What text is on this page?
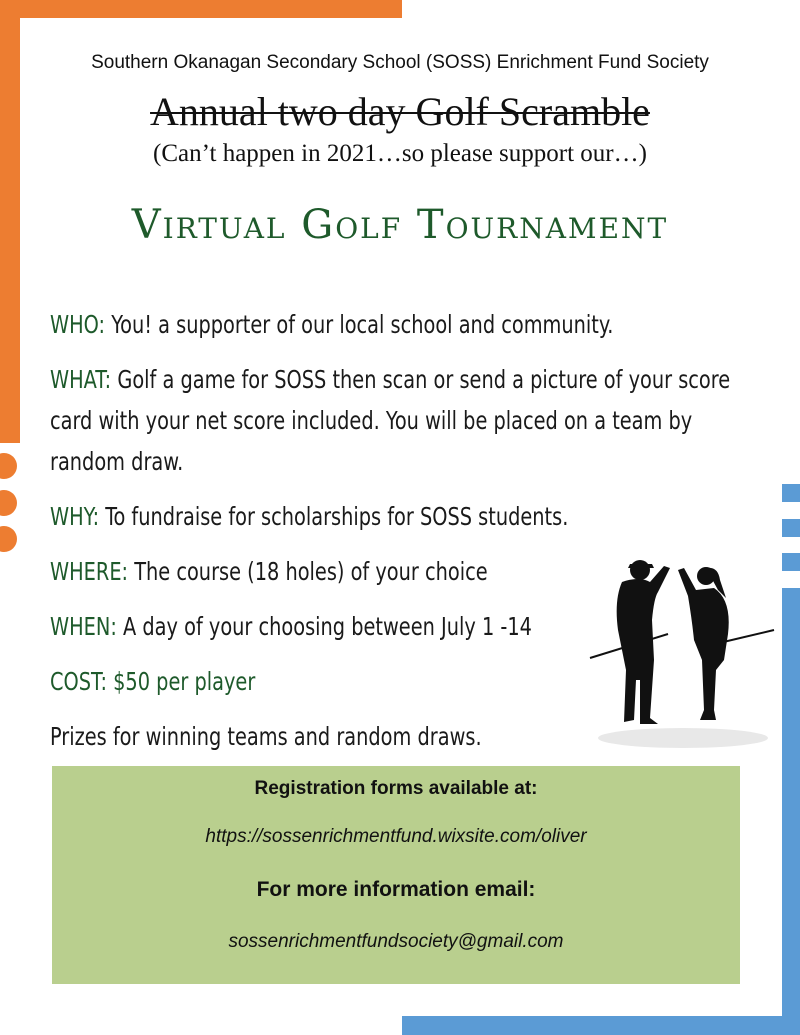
Southern Okanagan Secondary School (SOSS) Enrichment Fund Society
Annual two day Golf Scramble
(Can’t happen in 2021…so please support our…)
Virtual Golf Tournament

WHO: You! a supporter of our local school and community.

WHAT: Golf a game for SOSS then scan or send a picture of your score card with your net score included. You will be placed on a team by random draw.

WHY: To fundraise for scholarships for SOSS students.

WHERE: The course (18 holes) of your choice

WHEN: A day of your choosing between July 1 -14

COST: $50 per player

Prizes for winning teams and random draws.

Registration forms available at:
https://sossenrichmentfund.wixsite.com/oliver
For more information email:
sossenrichmentfundsociety@gmail.com
